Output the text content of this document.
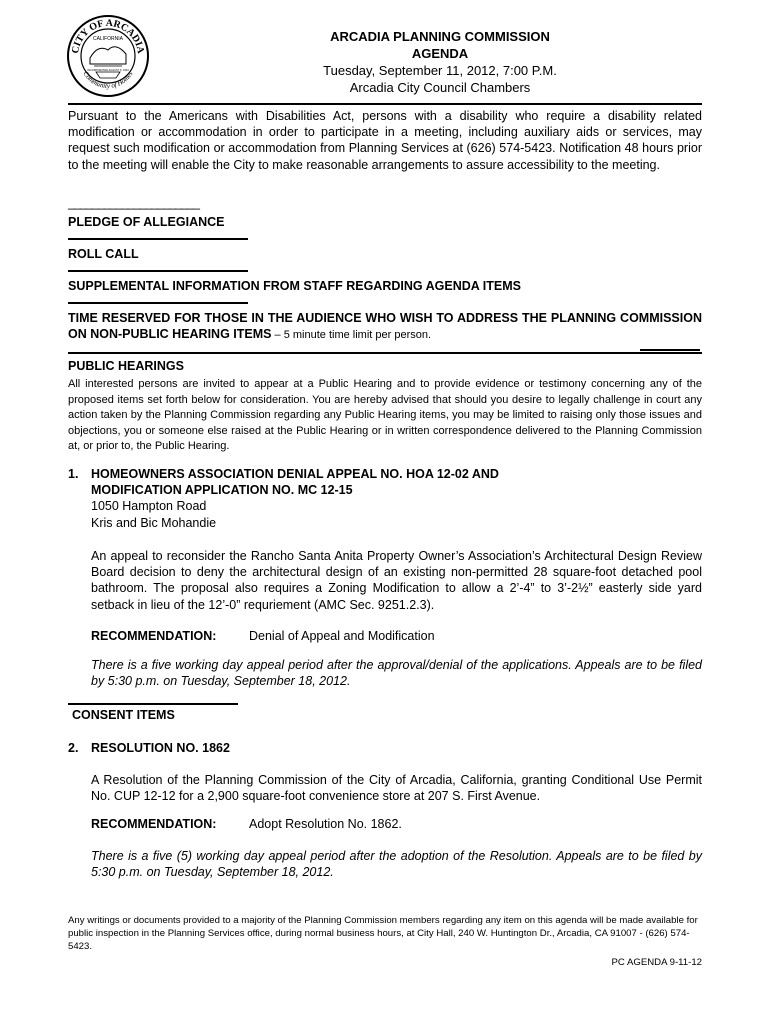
CITY OF ARCADIA
Community of Homes
CALIFORNIA
INCORPORATED AUGUST 5, 1903
ARCADIA PLANNING COMMISSION
AGENDA
Tuesday, September 11, 2012, 7:00 P.M.
Arcadia City Council Chambers
Pursuant to the Americans with Disabilities Act, persons with a disability who require a disability related modification or accommodation in order to participate in a meeting, including auxiliary aids or services, may request such modification or accommodation from Planning Services at (626) 574-5423. Notification 48 hours prior to the meeting will enable the City to make reasonable arrangements to assure accessibility to the meeting.
______________________
PLEDGE OF ALLEGIANCE
ROLL CALL
SUPPLEMENTAL INFORMATION FROM STAFF REGARDING AGENDA ITEMS
TIME RESERVED FOR THOSE IN THE AUDIENCE WHO WISH TO ADDRESS THE PLANNING COMMISSION ON NON-PUBLIC HEARING ITEMS – 5 minute time limit per person.
PUBLIC HEARINGS
All interested persons are invited to appear at a Public Hearing and to provide evidence or testimony concerning any of the proposed items set forth below for consideration. You are hereby advised that should you desire to legally challenge in court any action taken by the Planning Commission regarding any Public Hearing items, you may be limited to raising only those issues and objections, you or someone else raised at the Public Hearing or in written correspondence delivered to the Planning Commission at, or prior to, the Public Hearing.
1. HOMEOWNERS ASSOCIATION DENIAL APPEAL NO. HOA 12-02 AND
MODIFICATION APPLICATION NO. MC 12-15
1050 Hampton Road
Kris and Bic Mohandie
An appeal to reconsider the Rancho Santa Anita Property Owner’s Association’s Architectural Design Review Board decision to deny the architectural design of an existing non-permitted 28 square-foot detached pool bathroom. The proposal also requires a Zoning Modification to allow a 2’-4” to 3’-2½” easterly side yard setback in lieu of the 12’-0” requriement (AMC Sec. 9251.2.3).
RECOMMENDATION:	Denial of Appeal and Modification
There is a five working day appeal period after the approval/denial of the applications. Appeals are to be filed by 5:30 p.m. on Tuesday, September 18, 2012.
CONSENT ITEMS
2. RESOLUTION NO. 1862
A Resolution of the Planning Commission of the City of Arcadia, California, granting Conditional Use Permit No. CUP 12-12 for a 2,900 square-foot convenience store at 207 S. First Avenue.
RECOMMENDATION:	Adopt Resolution No. 1862.
There is a five (5) working day appeal period after the adoption of the Resolution. Appeals are to be filed by 5:30 p.m. on Tuesday, September 18, 2012.
Any writings or documents provided to a majority of the Planning Commission members regarding any item on this agenda will be made available for public inspection in the Planning Services office, during normal business hours, at City Hall, 240 W. Huntington Dr., Arcadia, CA 91007 - (626) 574-5423.
PC AGENDA 9-11-12
